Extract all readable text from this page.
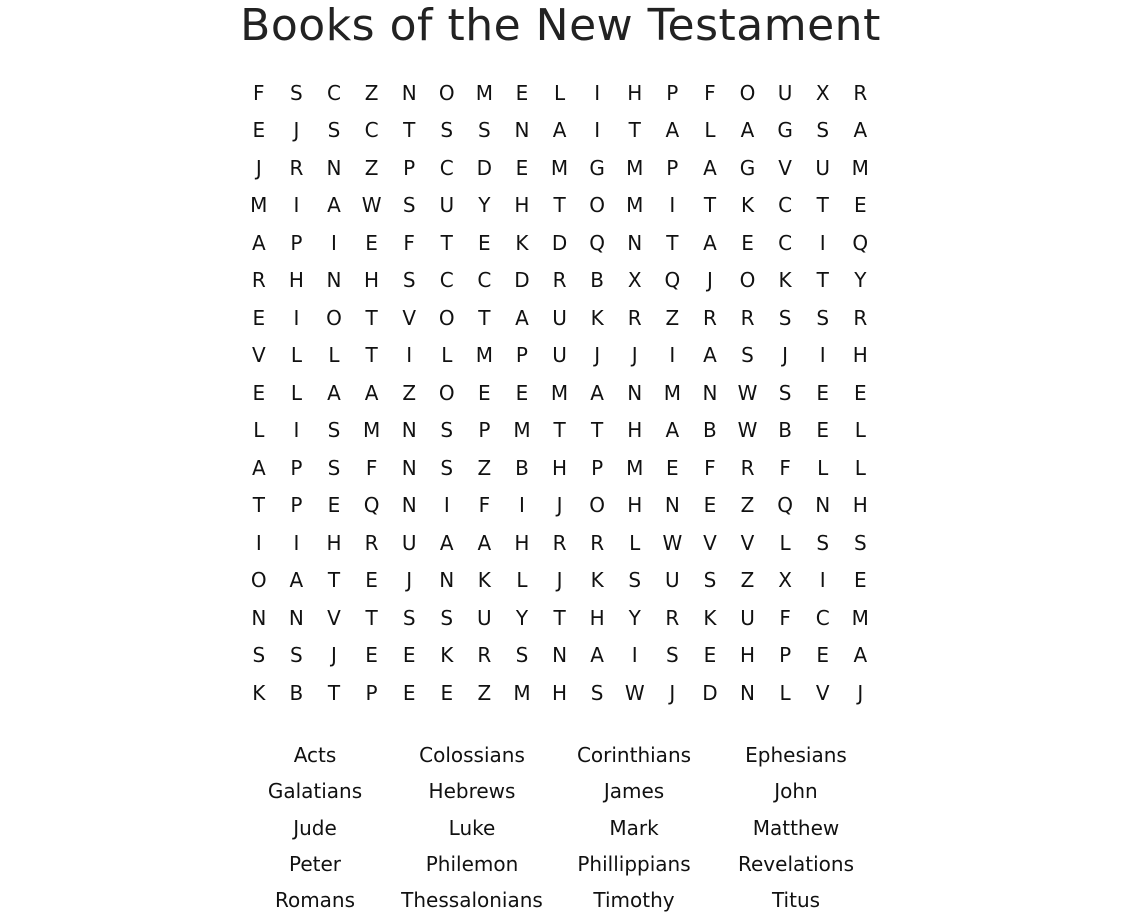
Books of the New Testament
F	S	C	Z	N	O	M	E	L	I	H	P	F	O	U	X	R
E	J	S	C	T	S	S	N	A	I	T	A	L	A	G	S	A
J	R	N	Z	P	C	D	E	M	G	M	P	A	G	V	U	M
M	I	A	W	S	U	Y	H	T	O	M	I	T	K	C	T	E
A	P	I	E	F	T	E	K	D	Q	N	T	A	E	C	I	Q
R	H	N	H	S	C	C	D	R	B	X	Q	J	O	K	T	Y
E	I	O	T	V	O	T	A	U	K	R	Z	R	R	S	S	R
V	L	L	T	I	L	M	P	U	J	J	I	A	S	J	I	H
E	L	A	A	Z	O	E	E	M	A	N	M	N	W	S	E	E
L	I	S	M	N	S	P	M	T	T	H	A	B	W	B	E	L
A	P	S	F	N	S	Z	B	H	P	M	E	F	R	F	L	L
T	P	E	Q	N	I	F	I	J	O	H	N	E	Z	Q	N	H
I	I	H	R	U	A	A	H	R	R	L	W	V	V	L	S	S
O	A	T	E	J	N	K	L	J	K	S	U	S	Z	X	I	E
N	N	V	T	S	S	U	Y	T	H	Y	R	K	U	F	C	M
S	S	J	E	E	K	R	S	N	A	I	S	E	H	P	E	A
K	B	T	P	E	E	Z	M	H	S	W	J	D	N	L	V	J
Acts	Colossians	Corinthians	Ephesians
Galatians	Hebrews	James	John
Jude	Luke	Mark	Matthew
Peter	Philemon	Phillippians	Revelations
Romans	Thessalonians	Timothy	Titus
